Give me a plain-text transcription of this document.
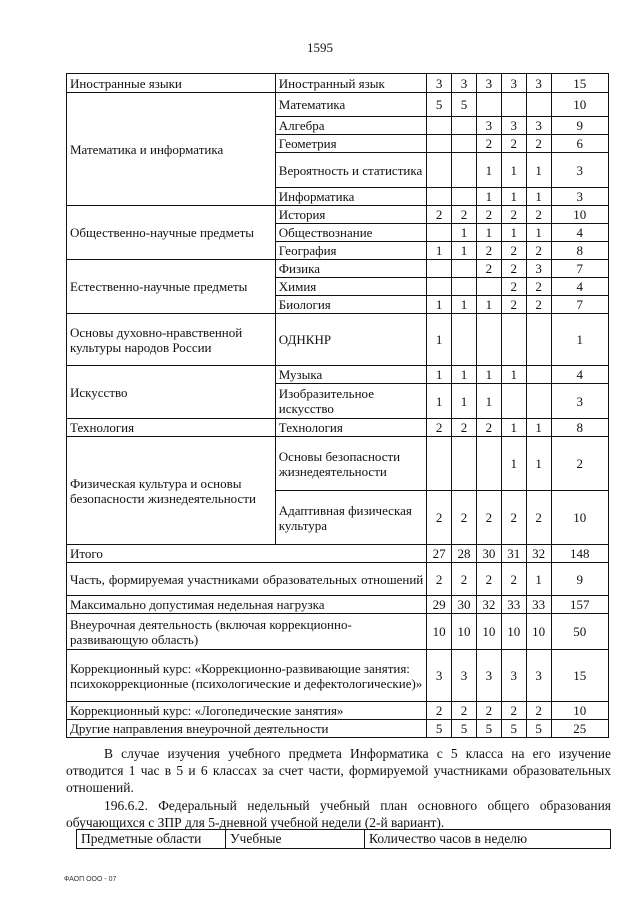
1595
Иностранные языки	Иностранный язык	3	3	3	3	3	15
Математика и информатика	Математика	5	5				10
	Алгебра			3	3	3	9
	Геометрия			2	2	2	6
	Вероятность и статистика			1	1	1	3
	Информатика			1	1	1	3
Общественно-научные предметы	История	2	2	2	2	2	10
	Обществознание		1	1	1	1	4
	География	1	1	2	2	2	8
Естественно-научные предметы	Физика			2	2	3	7
	Химия				2	2	4
	Биология	1	1	1	2	2	7
Основы духовно-нравственной культуры народов России	ОДНКНР	1					1
Искусство	Музыка	1	1	1	1		4
	Изобразительное искусство	1	1	1			3
Технология	Технология	2	2	2	1	1	8
Физическая культура и основы безопасности жизнедеятельности	Основы безопасности жизнедеятельности				1	1	2
	Адаптивная физическая культура	2	2	2	2	2	10
Итого		27	28	30	31	32	148
Часть, формируемая участниками образовательных отношений		2	2	2	2	1	9
Максимально допустимая недельная нагрузка		29	30	32	33	33	157
Внеурочная деятельность (включая коррекционно-развивающую область)		10	10	10	10	10	50
Коррекционный курс: «Коррекционно-развивающие занятия: психокоррекционные (психологические и дефектологические)»		3	3	3	3	3	15
Коррекционный курс: «Логопедические занятия»		2	2	2	2	2	10
Другие направления внеурочной деятельности		5	5	5	5	5	25
В случае изучения учебного предмета Информатика с 5 класса на его изучение отводится 1 час в 5 и 6 классах за счет части, формируемой участниками образовательных отношений.
196.6.2. Федеральный недельный учебный план основного общего образования обучающихся с ЗПР для 5-дневной учебной недели (2-й вариант).
Предметные области	Учебные	Количество часов в неделю
ФАОП ООО - 07
